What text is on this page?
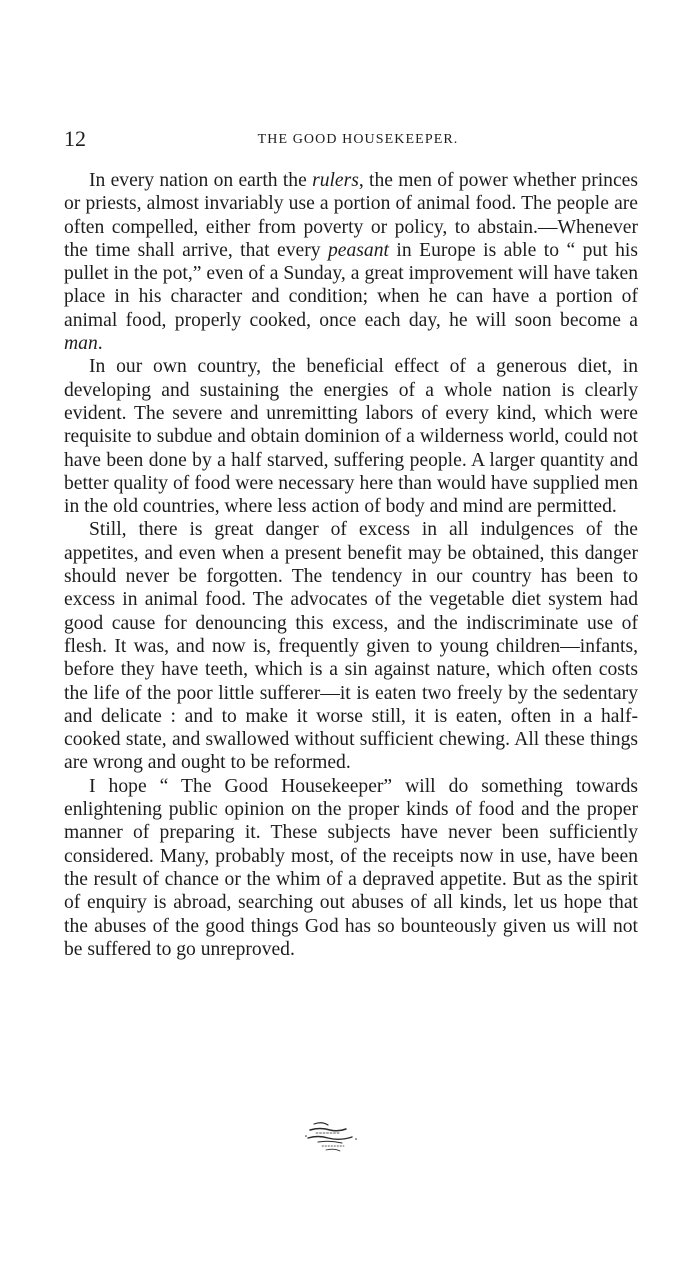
12	THE GOOD HOUSEKEEPER.

In every nation on earth the rulers, the men of power whether princes or priests, almost invariably use a portion of animal food. The people are often compelled, either from poverty or policy, to abstain.—Whenever the time shall arrive, that every peasant in Europe is able to “ put his pullet in the pot,” even of a Sunday, a great improvement will have taken place in his character and condition; when he can have a portion of animal food, properly cooked, once each day, he will soon become a man.

In our own country, the beneficial effect of a generous diet, in developing and sustaining the energies of a whole nation is clearly evident. The severe and unremitting labors of every kind, which were requisite to subdue and obtain dominion of a wilderness world, could not have been done by a half starved, suffering people. A larger quantity and better quality of food were necessary here than would have supplied men in the old countries, where less action of body and mind are permitted.

Still, there is great danger of excess in all indulgences of the appetites, and even when a present benefit may be obtained, this danger should never be forgotten. The tendency in our country has been to excess in animal food. The advocates of the vegetable diet system had good cause for denouncing this excess, and the indiscriminate use of flesh. It was, and now is, frequently given to young children—infants, before they have teeth, which is a sin against nature, which often costs the life of the poor little sufferer—it is eaten two freely by the sedentary and delicate : and to make it worse still, it is eaten, often in a half-cooked state, and swallowed without sufficient chewing. All these things are wrong and ought to be reformed.

I hope “ The Good Housekeeper” will do something towards enlightening public opinion on the proper kinds of food and the proper manner of preparing it. These subjects have never been sufficiently considered. Many, probably most, of the receipts now in use, have been the result of chance or the whim of a depraved appetite. But as the spirit of enquiry is abroad, searching out abuses of all kinds, let us hope that the abuses of the good things God has so bounteously given us will not be suffered to go unreproved.
